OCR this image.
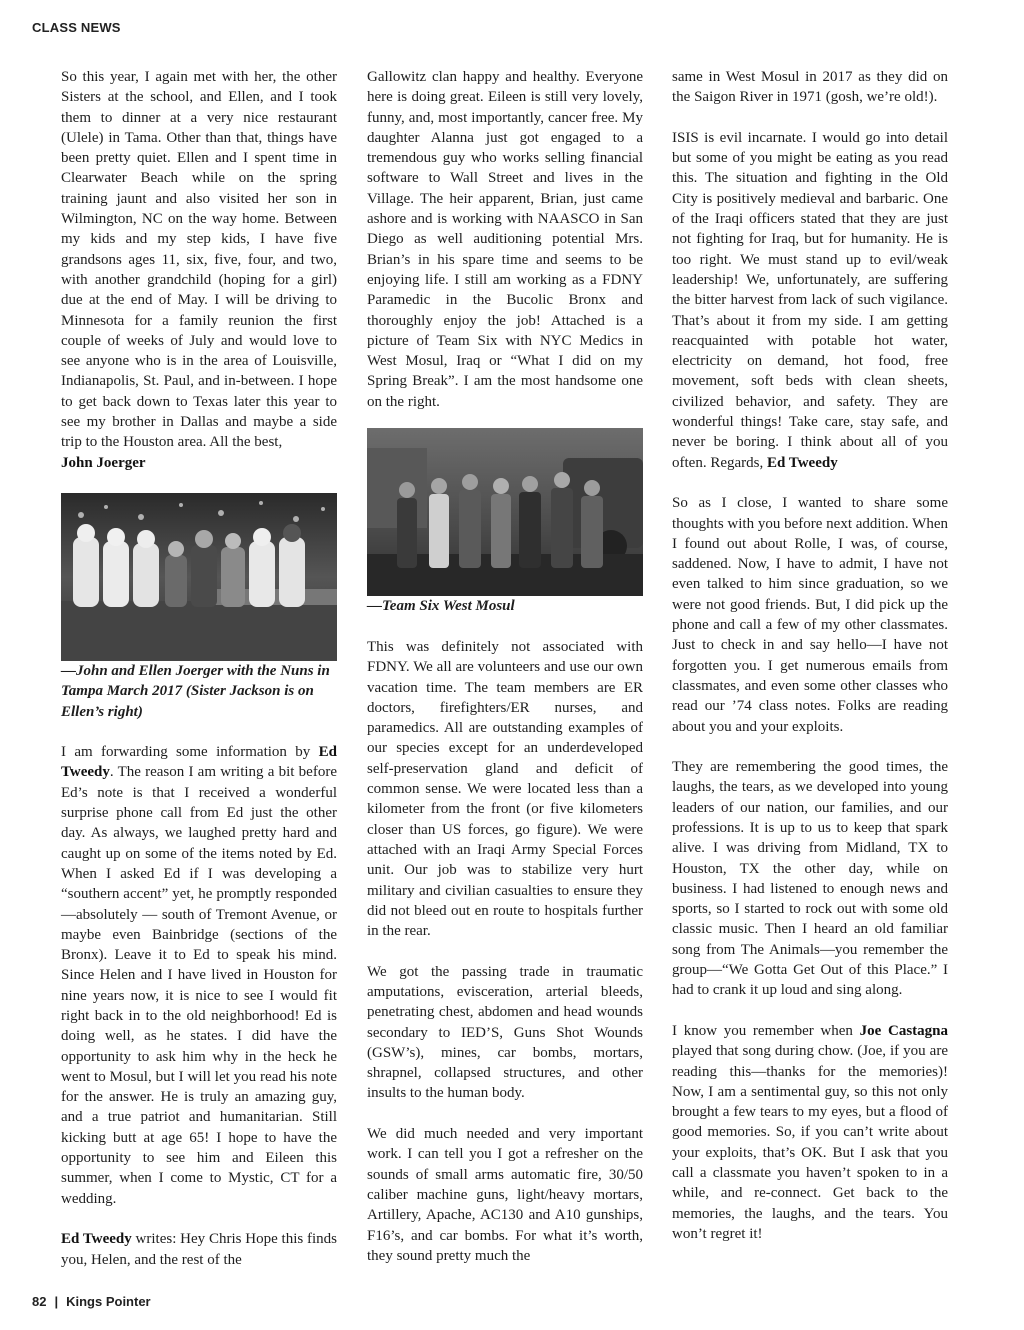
CLASS NEWS

So this year, I again met with her, the other Sisters at the school, and Ellen, and I took them to dinner at a very nice restaurant (Ulele) in Tama. Other than that, things have been pretty quiet. Ellen and I spent time in Clearwater Beach while on the spring training jaunt and also visited her son in Wilmington, NC on the way home. Between my kids and my step kids, I have five grandsons ages 11, six, five, four, and two, with another grandchild (hoping for a girl) due at the end of May. I will be driving to Minnesota for a family reunion the first couple of weeks of July and would love to see anyone who is in the area of Louisville, Indianapolis, St. Paul, and in-between. I hope to get back down to Texas later this year to see my brother in Dallas and maybe a side trip to the Houston area. All the best,
John Joerger

—John and Ellen Joerger with the Nuns in Tampa March 2017 (Sister Jackson is on Ellen’s right)

I am forwarding some information by Ed Tweedy. The reason I am writing a bit before Ed’s note is that I received a wonderful surprise phone call from Ed just the other day. As always, we laughed pretty hard and caught up on some of the items noted by Ed. When I asked Ed if I was developing a “southern accent” yet, he promptly responded—absolutely — south of Tremont Avenue, or maybe even Bainbridge (sections of the Bronx). Leave it to Ed to speak his mind. Since Helen and I have lived in Houston for nine years now, it is nice to see I would fit right back in to the old neighborhood! Ed is doing well, as he states. I did have the opportunity to ask him why in the heck he went to Mosul, but I will let you read his note for the answer. He is truly an amazing guy, and a true patriot and humanitarian. Still kicking butt at age 65! I hope to have the opportunity to see him and Eileen this summer, when I come to Mystic, CT for a wedding.

Ed Tweedy writes: Hey Chris Hope this finds you, Helen, and the rest of the

Gallowitz clan happy and healthy. Everyone here is doing great. Eileen is still very lovely, funny, and, most importantly, cancer free. My daughter Alanna just got engaged to a tremendous guy who works selling financial software to Wall Street and lives in the Village. The heir apparent, Brian, just came ashore and is working with NAASCO in San Diego as well auditioning potential Mrs. Brian’s in his spare time and seems to be enjoying life. I still am working as a FDNY Paramedic in the Bucolic Bronx and thoroughly enjoy the job! Attached is a picture of Team Six with NYC Medics in West Mosul, Iraq or “What I did on my Spring Break”. I am the most handsome one on the right.

—Team Six West Mosul

This was definitely not associated with FDNY. We all are volunteers and use our own vacation time. The team members are ER doctors, firefighters/ER nurses, and paramedics. All are outstanding examples of our species except for an underdeveloped self-preservation gland and deficit of common sense. We were located less than a kilometer from the front (or five kilometers closer than US forces, go figure). We were attached with an Iraqi Army Special Forces unit. Our job was to stabilize very hurt military and civilian casualties to ensure they did not bleed out en route to hospitals further in the rear.

We got the passing trade in traumatic amputations, evisceration, arterial bleeds, penetrating chest, abdomen and head wounds secondary to IED’S, Guns Shot Wounds (GSW’s), mines, car bombs, mortars, shrapnel, collapsed structures, and other insults to the human body.

We did much needed and very important work. I can tell you I got a refresher on the sounds of small arms automatic fire, 30/50 caliber machine guns, light/heavy mortars, Artillery, Apache, AC130 and A10 gunships, F16’s, and car bombs. For what it’s worth, they sound pretty much the

same in West Mosul in 2017 as they did on the Saigon River in 1971 (gosh, we’re old!).

ISIS is evil incarnate. I would go into detail but some of you might be eating as you read this. The situation and fighting in the Old City is positively medieval and barbaric. One of the Iraqi officers stated that they are just not fighting for Iraq, but for humanity. He is too right. We must stand up to evil/weak leadership! We, unfortunately, are suffering the bitter harvest from lack of such vigilance. That’s about it from my side. I am getting reacquainted with potable hot water, electricity on demand, hot food, free movement, soft beds with clean sheets, civilized behavior, and safety. They are wonderful things! Take care, stay safe, and never be boring. I think about all of you often. Regards, Ed Tweedy

So as I close, I wanted to share some thoughts with you before next addition. When I found out about Rolle, I was, of course, saddened. Now, I have to admit, I have not even talked to him since graduation, so we were not good friends. But, I did pick up the phone and call a few of my other classmates. Just to check in and say hello—I have not forgotten you. I get numerous emails from classmates, and even some other classes who read our ’74 class notes. Folks are reading about you and your exploits.

They are remembering the good times, the laughs, the tears, as we developed into young leaders of our nation, our families, and our professions. It is up to us to keep that spark alive. I was driving from Midland, TX to Houston, TX the other day, while on business. I had listened to enough news and sports, so I started to rock out with some old classic music. Then I heard an old familiar song from The Animals—you remember the group—“We Gotta Get Out of this Place.” I had to crank it up loud and sing along.

I know you remember when Joe Castagna played that song during chow. (Joe, if you are reading this—thanks for the memories)! Now, I am a sentimental guy, so this not only brought a few tears to my eyes, but a flood of good memories. So, if you can’t write about your exploits, that’s OK. But I ask that you call a classmate you haven’t spoken to in a while, and re-connect. Get back to the memories, the laughs, and the tears. You won’t regret it!

82 | Kings Pointer
